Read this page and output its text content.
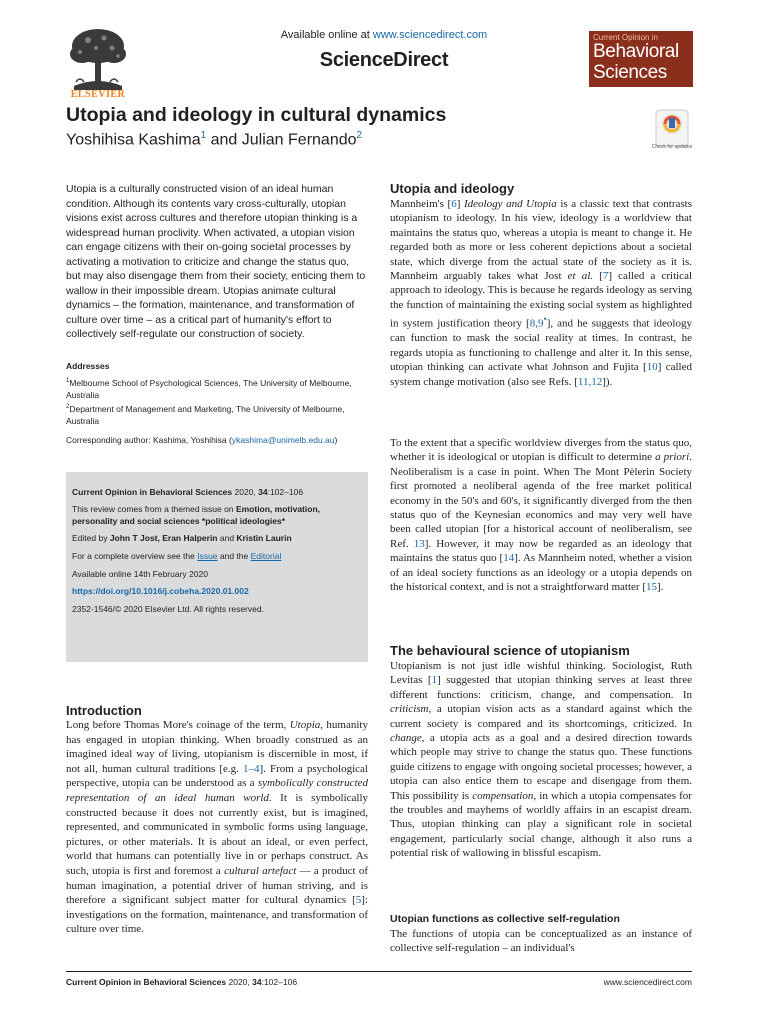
ELSEVIER
Available online at www.sciencedirect.com
ScienceDirect
Current Opinion in
Behavioral
Sciences
Utopia and ideology in cultural dynamics
Yoshihisa Kashima$^1$ and Julian Fernando$^2$
Check for updates
Utopia is a culturally constructed vision of an ideal human condition. Although its contents vary cross-culturally, utopian visions exist across cultures and therefore utopian thinking is a widespread human proclivity. When activated, a utopian vision can engage citizens with their on-going societal processes by activating a motivation to criticize and change the status quo, but may also disengage them from their society, enticing them to wallow in their impossible dream. Utopias animate cultural dynamics – the formation, maintenance, and transformation of culture over time – as a critical part of humanity's effort to collectively self-regulate our construction of society.
Addresses

$^1$Melbourne School of Psychological Sciences, The University of Melbourne, Australia

$^2$Department of Management and Marketing, The University of Melbourne, Australia

Corresponding author: Kashima, Yoshihisa (ykashima@unimelb.edu.au)
Current Opinion in Behavioral Sciences 2020, 34:102–106
This review comes from a themed issue on Emotion, motivation, personality and social sciences *political ideologies*
Edited by John T Jost, Eran Halperin and Kristin Laurin
For a complete overview see the Issue and the Editorial
Available online 14th February 2020
https://doi.org/10.1016/j.cobeha.2020.01.002
2352-1546/© 2020 Elsevier Ltd. All rights reserved.
Introduction
Long before Thomas More's coinage of the term, Utopia, humanity has engaged in utopian thinking. When broadly construed as an imagined ideal way of living, utopianism is discernible in most, if not all, human cultural traditions [e.g. 1–4]. From a psychological perspective, utopia can be understood as a symbolically constructed representation of an ideal human world. It is symbolically constructed because it does not currently exist, but is imagined, represented, and communicated in symbolic forms using language, pictures, or other materials. It is about an ideal, or even perfect, world that humans can potentially live in or perhaps construct. As such, utopia is first and foremost a cultural artefact — a product of human imagination, a potential driver of human striving, and is therefore a significant subject matter for cultural dynamics [5]: investigations on the formation, maintenance, and transformation of culture over time.
Utopia and ideology
Mannheim's [6] Ideology and Utopia is a classic text that contrasts utopianism to ideology. In his view, ideology is a worldview that maintains the status quo, whereas a utopia is meant to change it. He regarded both as more or less coherent depictions about a societal state, which diverge from the actual state of the society as it is. Mannheim arguably takes what Jost et al. [7] called a critical approach to ideology. This is because he regards ideology as serving the function of maintaining the existing social system as highlighted in system justification theory [8,9•], and he suggests that ideology can function to mask the social reality at times. In contrast, he regards utopia as functioning to challenge and alter it. In this sense, utopian thinking can activate what Johnson and Fujita [10] called system change motivation (also see Refs. [11,12]).
To the extent that a specific worldview diverges from the status quo, whether it is ideological or utopian is difficult to determine a priori. Neoliberalism is a case in point. When The Mont Pèlerin Society first promoted a neoliberal agenda of the free market political economy in the 50's and 60's, it significantly diverged from the then status quo of the Keynesian economics and may very well have been called utopian [for a historical account of neoliberalism, see Ref. 13]. However, it may now be regarded as an ideology that maintains the status quo [14]. As Mannheim noted, whether a vision of an ideal society functions as an ideology or a utopia depends on the historical context, and is not a straightforward matter [15].
The behavioural science of utopianism
Utopianism is not just idle wishful thinking. Sociologist, Ruth Levitas [1] suggested that utopian thinking serves at least three different functions: criticism, change, and compensation. In criticism, a utopian vision acts as a standard against which the current society is compared and its shortcomings, criticized. In change, a utopia acts as a goal and a desired direction towards which people may strive to change the status quo. These functions guide citizens to engage with ongoing societal processes; however, a utopia can also entice them to escape and disengage from them. This possibility is compensation, in which a utopia compensates for the troubles and mayhems of worldly affairs in an escapist dream. Thus, utopian thinking can play a significant role in societal engagement, particularly social change, although it also runs a potential risk of wallowing in blissful escapism.
Utopian functions as collective self-regulation
The functions of utopia can be conceptualized as an instance of collective self-regulation – an individual's
Current Opinion in Behavioral Sciences 2020, 34:102–106	www.sciencedirect.com
